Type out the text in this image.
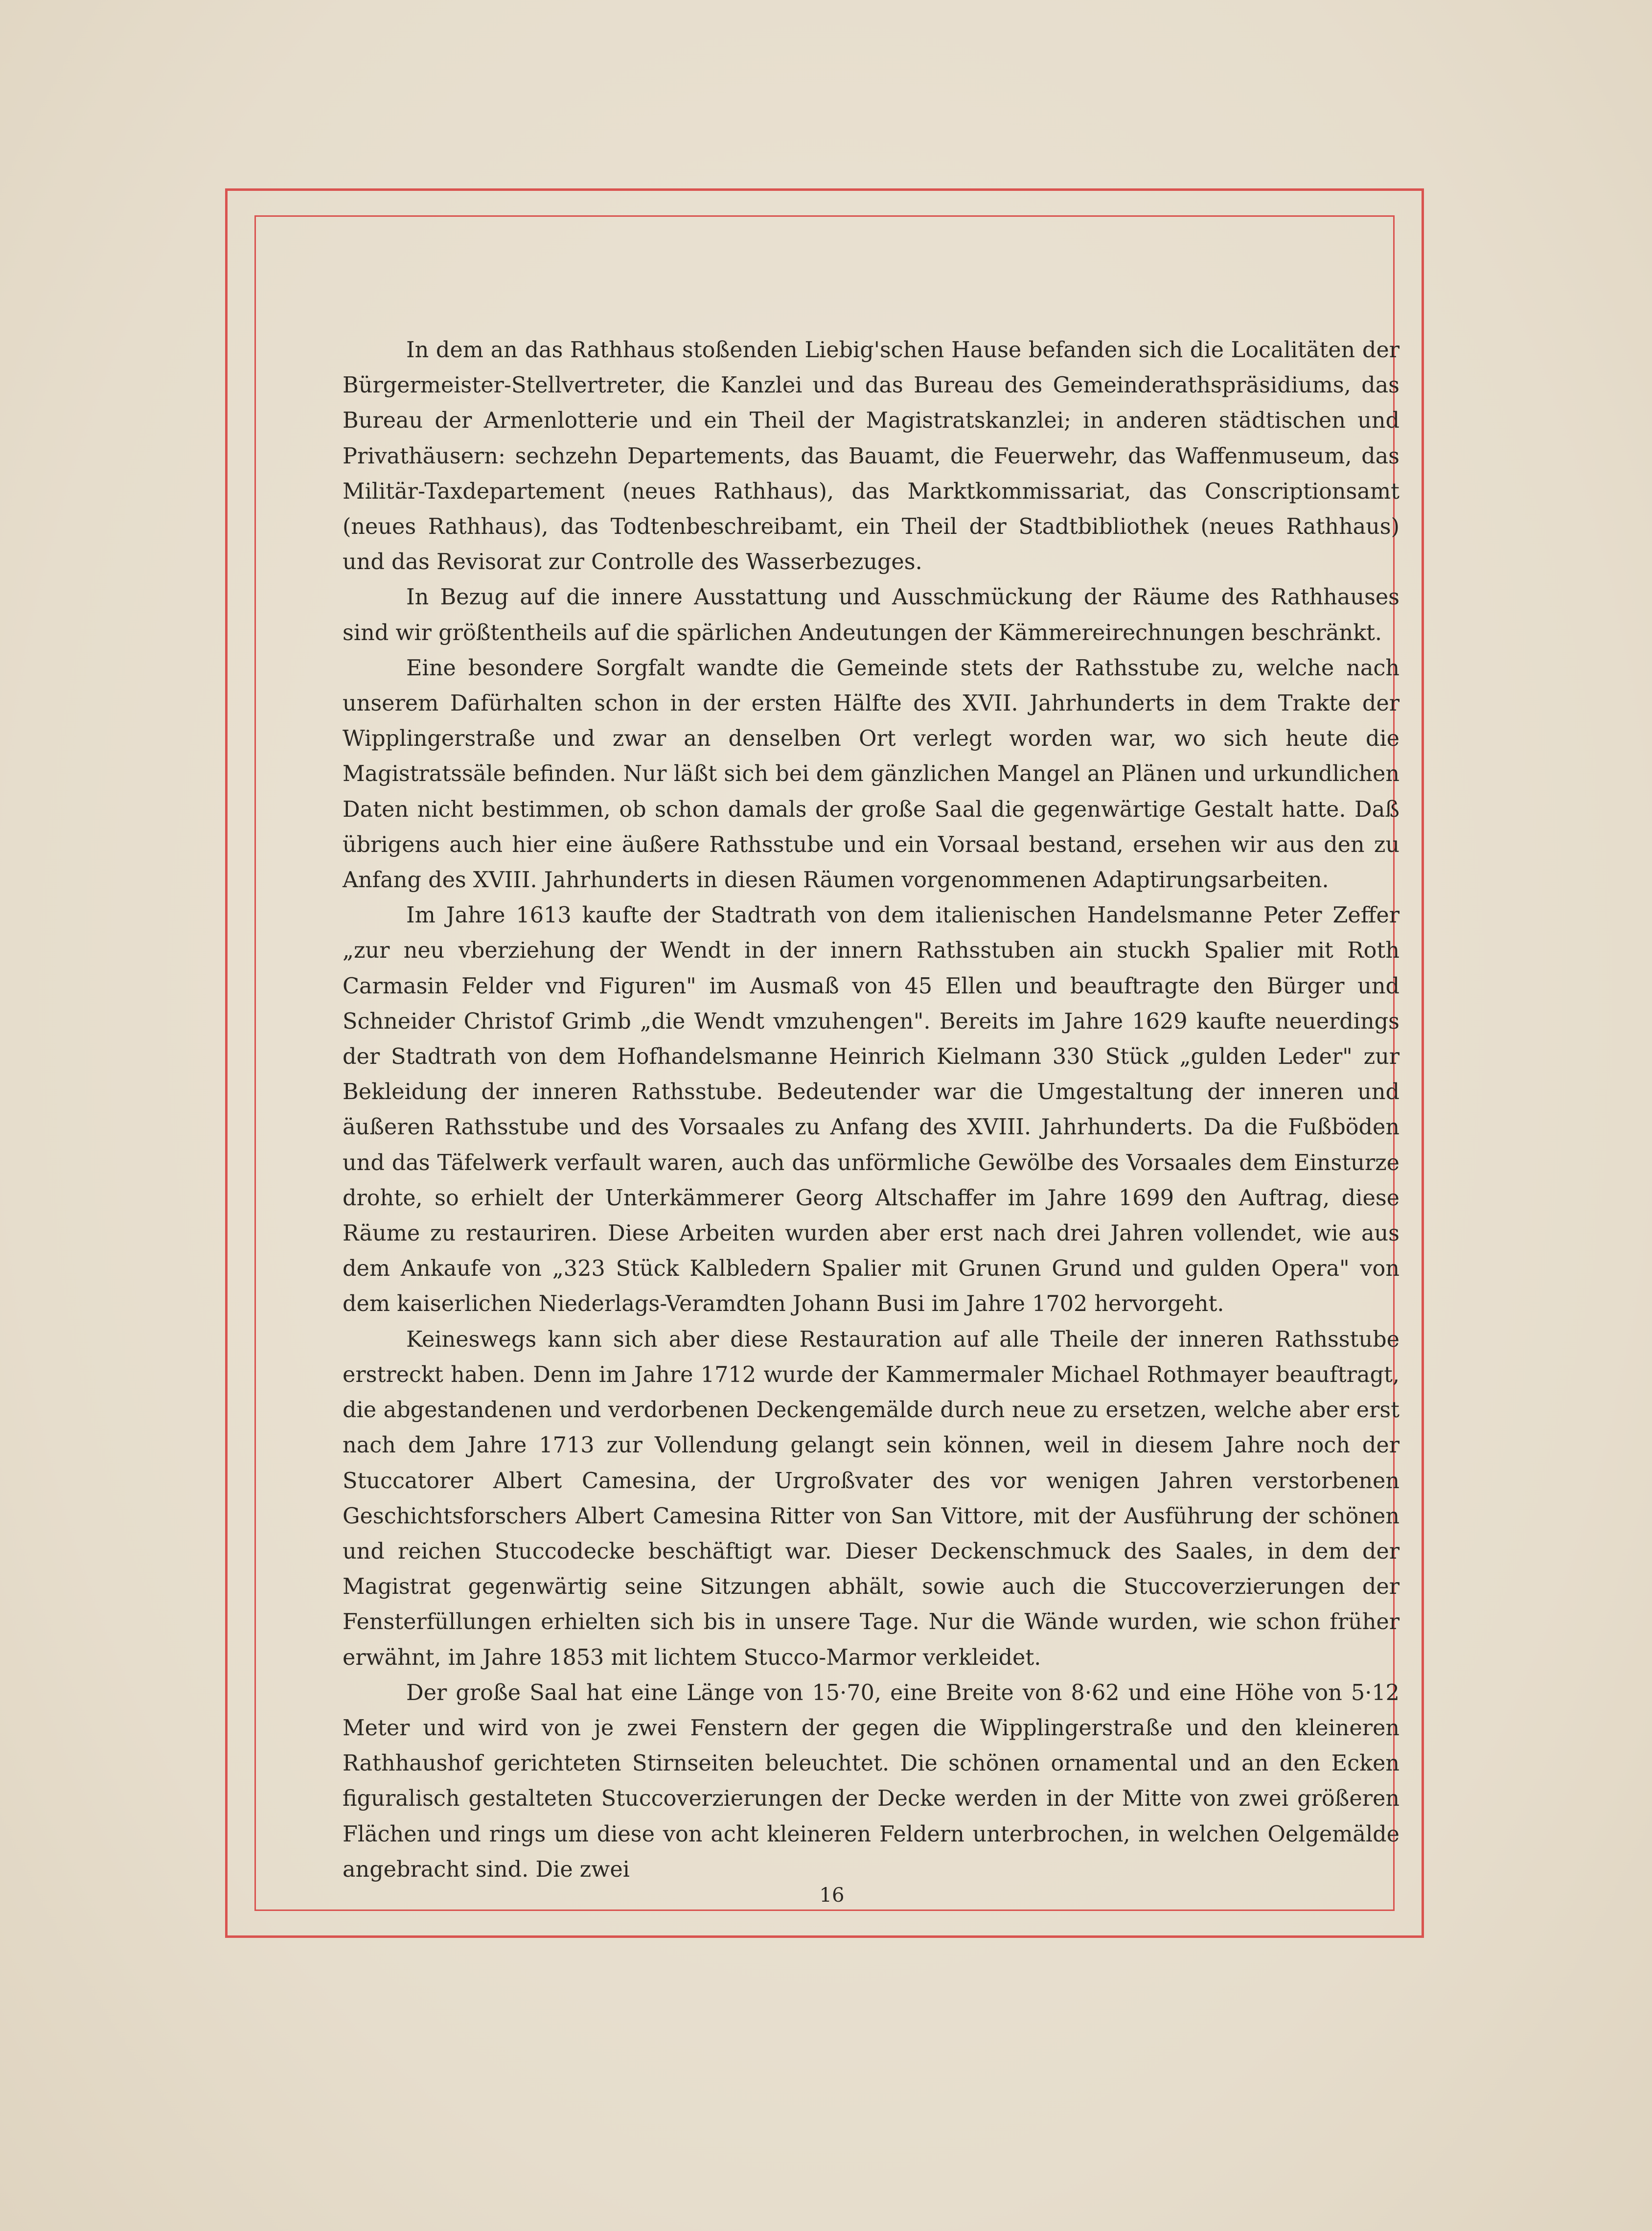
In dem an das Rathhaus stoßenden Liebig'schen Hause befanden sich die Localitäten der Bürgermeister-Stellvertreter, die Kanzlei und das Bureau des Gemeinderathspräsidiums, das Bureau der Armenlotterie und ein Theil der Magistratskanzlei; in anderen städtischen und Privathäusern: sechzehn Departements, das Bauamt, die Feuerwehr, das Waffenmuseum, das Militär-Taxdepartement (neues Rathhaus), das Marktkommissariat, das Conscriptionsamt (neues Rathhaus), das Todtenbeschreibamt, ein Theil der Stadtbibliothek (neues Rathhaus) und das Revisorat zur Controlle des Wasserbezuges.

In Bezug auf die innere Ausstattung und Ausschmückung der Räume des Rathhauses sind wir größtentheils auf die spärlichen Andeutungen der Kämmereirechnungen beschränkt.

Eine besondere Sorgfalt wandte die Gemeinde stets der Rathsstube zu, welche nach unserem Dafürhalten schon in der ersten Hälfte des XVII. Jahrhunderts in dem Trakte der Wipplingerstraße und zwar an denselben Ort verlegt worden war, wo sich heute die Magistratssäle befinden. Nur läßt sich bei dem gänzlichen Mangel an Plänen und urkundlichen Daten nicht bestimmen, ob schon damals der große Saal die gegenwärtige Gestalt hatte. Daß übrigens auch hier eine äußere Rathsstube und ein Vorsaal bestand, ersehen wir aus den zu Anfang des XVIII. Jahrhunderts in diesen Räumen vorgenommenen Adaptirungsarbeiten.

Im Jahre 1613 kaufte der Stadtrath von dem italienischen Handelsmanne Peter Zeffer „zur neu vberziehung der Wendt in der innern Rathsstuben ain stuckh Spalier mit Roth Carmasin Felder vnd Figuren" im Ausmaß von 45 Ellen und beauftragte den Bürger und Schneider Christof Grimb „die Wendt vmzuhengen". Bereits im Jahre 1629 kaufte neuerdings der Stadtrath von dem Hofhandelsmanne Heinrich Kielmann 330 Stück „gulden Leder" zur Bekleidung der inneren Rathsstube. Bedeutender war die Umgestaltung der inneren und äußeren Rathsstube und des Vorsaales zu Anfang des XVIII. Jahrhunderts. Da die Fußböden und das Täfelwerk verfault waren, auch das unförmliche Gewölbe des Vorsaales dem Einsturze drohte, so erhielt der Unterkämmerer Georg Altschaffer im Jahre 1699 den Auftrag, diese Räume zu restauriren. Diese Arbeiten wurden aber erst nach drei Jahren vollendet, wie aus dem Ankaufe von „323 Stück Kalbledern Spalier mit Grunen Grund und gulden Opera" von dem kaiserlichen Niederlags-Veramdten Johann Busi im Jahre 1702 hervorgeht.

Keineswegs kann sich aber diese Restauration auf alle Theile der inneren Rathsstube erstreckt haben. Denn im Jahre 1712 wurde der Kammermaler Michael Rothmayer beauftragt, die abgestandenen und verdorbenen Deckengemälde durch neue zu ersetzen, welche aber erst nach dem Jahre 1713 zur Vollendung gelangt sein können, weil in diesem Jahre noch der Stuccatorer Albert Camesina, der Urgroßvater des vor wenigen Jahren verstorbenen Geschichtsforschers Albert Camesina Ritter von San Vittore, mit der Ausführung der schönen und reichen Stuccodecke beschäftigt war. Dieser Deckenschmuck des Saales, in dem der Magistrat gegenwärtig seine Sitzungen abhält, sowie auch die Stuccoverzierungen der Fensterfüllungen erhielten sich bis in unsere Tage. Nur die Wände wurden, wie schon früher erwähnt, im Jahre 1853 mit lichtem Stucco-Marmor verkleidet.

Der große Saal hat eine Länge von 15·70, eine Breite von 8·62 und eine Höhe von 5·12 Meter und wird von je zwei Fenstern der gegen die Wipplingerstraße und den kleineren Rathhaushof gerichteten Stirnseiten beleuchtet. Die schönen ornamental und an den Ecken figuralisch gestalteten Stuccoverzierungen der Decke werden in der Mitte von zwei größeren Flächen und rings um diese von acht kleineren Feldern unterbrochen, in welchen Oelgemälde angebracht sind. Die zwei

16
